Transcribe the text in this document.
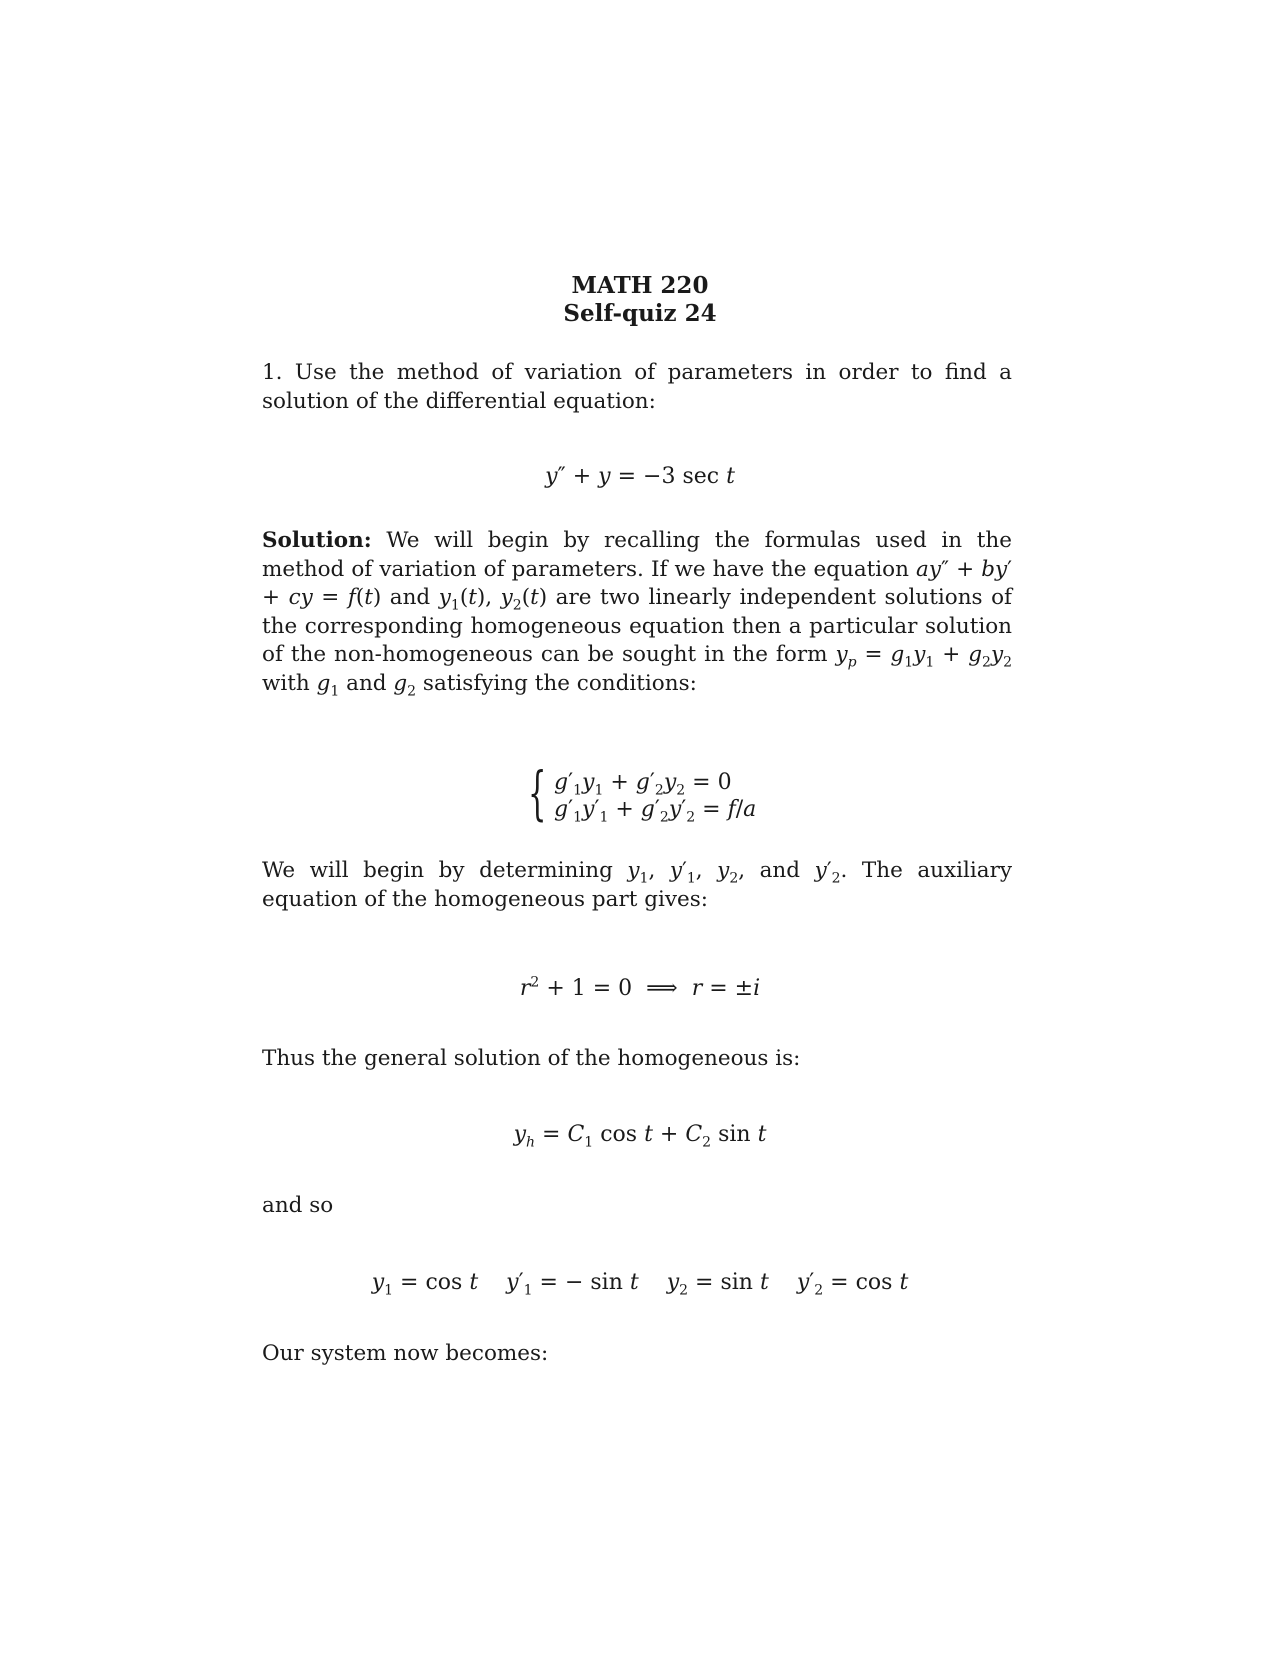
MATH 220
Self-quiz 24
1. Use the method of variation of parameters in order to find a solution of the differential equation:
y″ + y = −3 sec t
Solution: We will begin by recalling the formulas used in the method of variation of parameters. If we have the equation ay″ + by′ + cy = f(t) and $y_1(t)$, $y_2(t)$ are two linearly independent solutions of the corresponding homogeneous equation then a particular solution of the non-homogeneous can be sought in the form $y_p = g_1y_1 + g_2y_2$ with $g_1$ and $g_2$ satisfying the conditions:
{ $g'_1y_1 + g'_2y_2 = 0$
$g'_1y'_1 + g'_2y'_2 = f/a$
We will begin by determining $y_1$, $y'_1$, $y_2$, and $y'_2$. The auxiliary equation of the homogeneous part gives:
$r^2 + 1 = 0$  ⟹  r = ±i
Thus the general solution of the homogeneous is:
$y_h = C_1$ $\cos t + C_2$ sin t
and so
$y_1 = \cos t$ $y'_1$ = − sin t $y_2 = \sin t$ $y'_2 = \cos t$
Our system now becomes:
